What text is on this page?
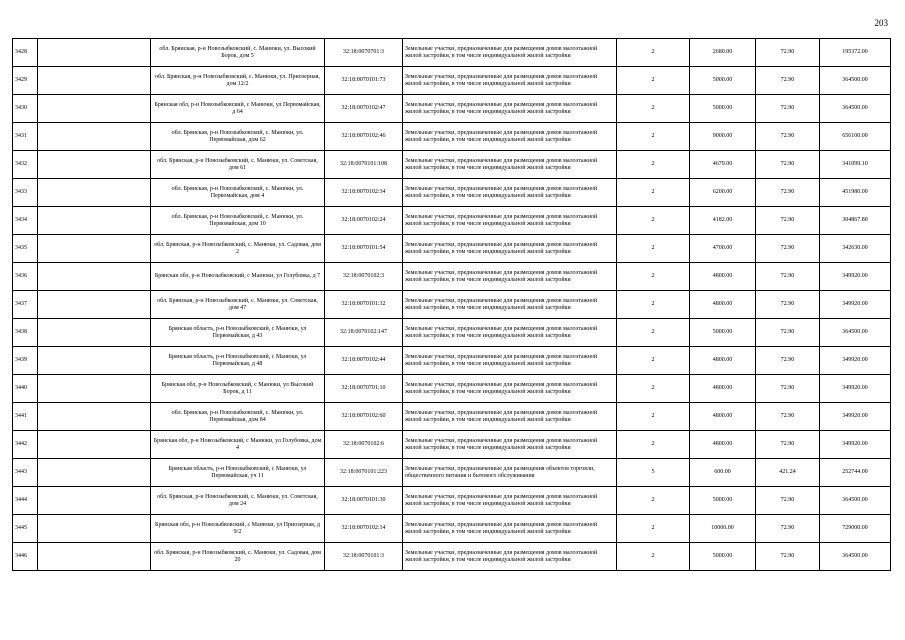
203
3428		обл. Брянская, р-н Новозыбковский, с. Манюки, ул. Высокий Борок, дом 5	32:18:0070701:3	Земельные участки, предназначенные для размещения домов малоэтажной жилой застройки, в том числе индивидуальной жилой застройки	2	2680.00	72.90	195372.00
3429		обл. Брянская, р-н Новозыбковский, с. Манюки, ул. Приозерная, дом 12/2	32:18:0070101:73	Земельные участки, предназначенные для размещения домов малоэтажной жилой застройки, в том числе индивидуальной жилой застройки	2	5000.00	72.90	364500.00
3430		Брянская обл, р-н Новозыбковский, с Манюки, ул Первомайская, д 64	32:18:0070102:47	Земельные участки, предназначенные для размещения домов малоэтажной жилой застройки, в том числе индивидуальной жилой застройки	2	5000.00	72.90	364500.00
3431		обл. Брянская, р-н Новозыбковский, с. Манюки, ул. Первомайская, дом 62	32:18:0070102:46	Земельные участки, предназначенные для размещения домов малоэтажной жилой застройки, в том числе индивидуальной жилой застройки	2	9000.00	72.90	656100.00
3432		обл. Брянская, р-н Новозыбковский, с. Манюки, ул. Советская, дом 61	32:18:0070101:108	Земельные участки, предназначенные для размещения домов малоэтажной жилой застройки, в том числе индивидуальной жилой застройки	2	4679.00	72.90	341099.10
3433		обл. Брянская, р-н Новозыбковский, с. Манюки, ул. Первомайская, дом 4	32:18:0070102:34	Земельные участки, предназначенные для размещения домов малоэтажной жилой застройки, в том числе индивидуальной жилой застройки	2	6200.00	72.90	451980.00
3434		обл. Брянская, р-н Новозыбковский, с. Манюки, ул. Первомайская, дом 10	32:18:0070102:24	Земельные участки, предназначенные для размещения домов малоэтажной жилой застройки, в том числе индивидуальной жилой застройки	2	4182.00	72.90	304867.80
3435		обл. Брянская, р-н Новозыбковский, с. Манюки, ул. Садовая, дом 2	32:18:0070101:54	Земельные участки, предназначенные для размещения домов малоэтажной жилой застройки, в том числе индивидуальной жилой застройки	2	4700.00	72.90	342630.00
3436		Брянская обл, р-н Новозыбковский, с Манюки, ул Голубовка, д 7	32:18:0070102:3	Земельные участки, предназначенные для размещения домов малоэтажной жилой застройки, в том числе индивидуальной жилой застройки	2	4800.00	72.90	349920.00
3437		обл. Брянская, р-н Новозыбковский, с. Манюки, ул. Советская, дом 47	32:18:0070101:32	Земельные участки, предназначенные для размещения домов малоэтажной жилой застройки, в том числе индивидуальной жилой застройки	2	4800.00	72.90	349920.00
3438		Брянская область, р-н Новозыбковский, с Манюки, ул Первомайская, д 43	32:18:0070102:147	Земельные участки, предназначенные для размещения домов малоэтажной жилой застройки, в том числе индивидуальной жилой застройки	2	5000.00	72.90	364500.00
3439		Брянская область, р-н Новозыбковский, с Манюки, ул Первомайская, д 48	32:18:0070102:44	Земельные участки, предназначенные для размещения домов малоэтажной жилой застройки, в том числе индивидуальной жилой застройки	2	4800.00	72.90	349920.00
3440		Брянская обл, р-н Новозыбковский, с Манюки, ул Высокий Борок, д 11	32:18:0070701:10	Земельные участки, предназначенные для размещения домов малоэтажной жилой застройки, в том числе индивидуальной жилой застройки	2	4800.00	72.90	349920.00
3441		обл. Брянская, р-н Новозыбковский, с. Манюки, ул. Первомайская, дом 84	32:18:0070102:60	Земельные участки, предназначенные для размещения домов малоэтажной жилой застройки, в том числе индивидуальной жилой застройки	2	4800.00	72.90	349920.00
3442		Брянская обл, р-н Новозыбковский, с Манюки, ул Голубовка, дом 4	32:18:0070102:6	Земельные участки, предназначенные для размещения домов малоэтажной жилой застройки, в том числе индивидуальной жилой застройки	2	4800.00	72.90	349920.00
3443		Брянская область, р-н Новозыбковский, с Манюки, ул Первомайская, уч 11	32:18:0070101:223	Земельные участки, предназначенные для размещения объектов торговли, общественного питания и бытового обслуживания	5	600.00	421.24	252744.00
3444		обл. Брянская, р-н Новозыбковский, с. Манюки, ул. Советская, дом 24	32:18:0070101:30	Земельные участки, предназначенные для размещения домов малоэтажной жилой застройки, в том числе индивидуальной жилой застройки	2	5000.00	72.90	364500.00
3445		Брянская обл, р-н Новозыбковский, с Манюки, ул Приозерная, д 9/2	32:18:0070102:14	Земельные участки, предназначенные для размещения домов малоэтажной жилой застройки, в том числе индивидуальной жилой застройки	2	10000.00	72.90	729000.00
3446		обл. Брянская, р-н Новозыбковский, с. Манюки, ул. Садовая, дом 20	32:18:0070101:3	Земельные участки, предназначенные для размещения домов малоэтажной жилой застройки, в том числе индивидуальной жилой застройки	2	5000.00	72.90	364500.00
